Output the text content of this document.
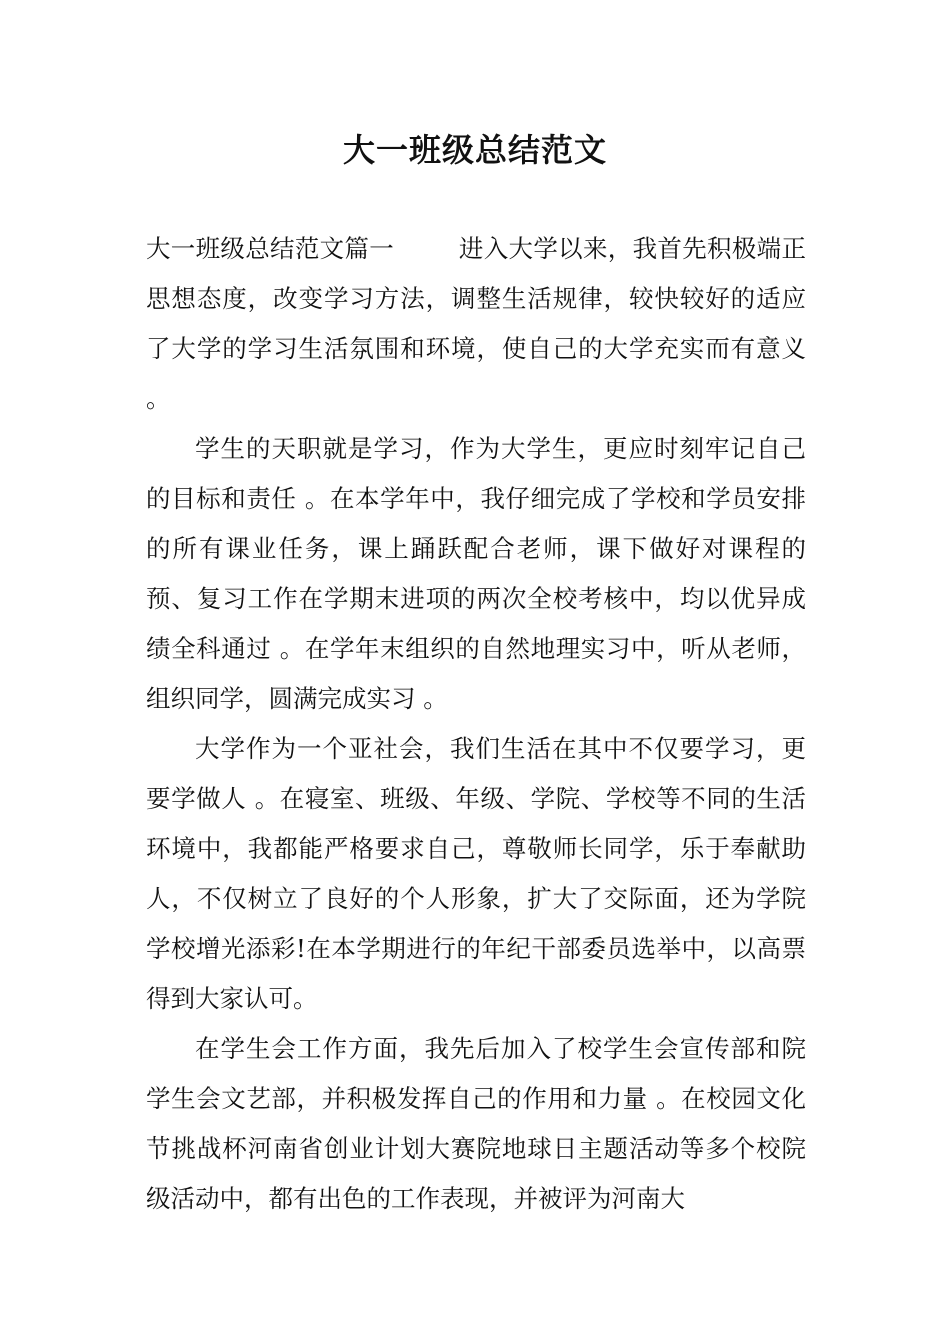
大一班级总结范文

大一班级总结范文篇一        进入大学以来，我首先积极端正思想态度，改变学习方法，调整生活规律，较快较好的适应了大学的学习生活氛围和环境，使自己的大学充实而有意义 。

学生的天职就是学习，作为大学生，更应时刻牢记自己的目标和责任 。在本学年中，我仔细完成了学校和学员安排的所有课业任务，课上踊跃配合老师，课下做好对课程的预、复习工作在学期末进项的两次全校考核中，均以优异成绩全科通过 。在学年末组织的自然地理实习中，听从老师，组织同学，圆满完成实习 。

大学作为一个亚社会，我们生活在其中不仅要学习，更要学做人 。在寝室、班级、年级、学院、学校等不同的生活环境中，我都能严格要求自己，尊敬师长同学，乐于奉献助人，不仅树立了良好的个人形象，扩大了交际面，还为学院学校增光添彩!在本学期进行的年纪干部委员选举中，以高票得到大家认可。

在学生会工作方面，我先后加入了校学生会宣传部和院学生会文艺部，并积极发挥自己的作用和力量 。在校园文化节挑战杯河南省创业计划大赛院地球日主题活动等多个校院级活动中，都有出色的工作表现，并被评为河南大
